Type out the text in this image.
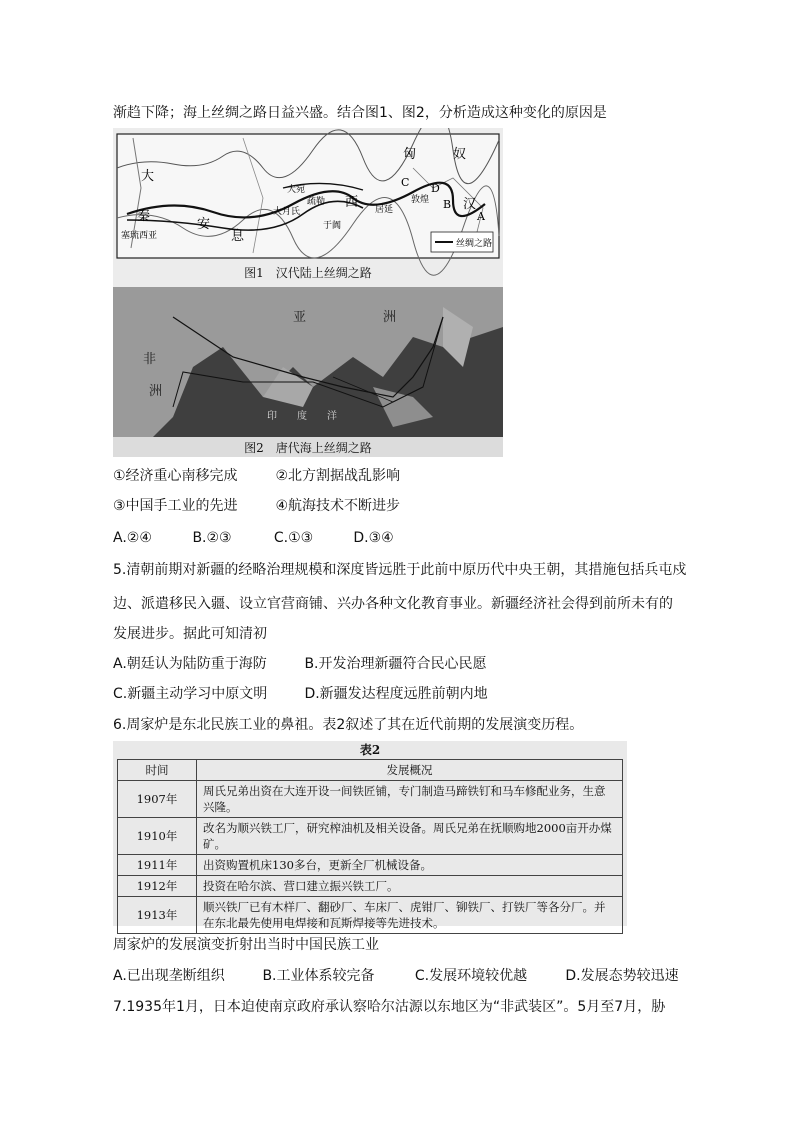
渐趋下降；海上丝绸之路日益兴盛。结合图1、图2，分析造成这种变化的原因是
匈	奴
大
秦
塞琉西亚
安
息
大宛
疏勒
大月氏
于阗
西 居延
敦煌	汉
A
B
C D
丝绸之路
图1　汉代陆上丝绸之路
亚	洲
非
洲
印 度 洋
图2　唐代海上丝绸之路
①经济重心南移完成	②北方割据战乱影响
③中国手工业的先进	④航海技术不断进步
A.②④	B.②③	C.①③	D.③④
5.清朝前期对新疆的经略治理规模和深度皆远胜于此前中原历代中央王朝，其措施包括兵屯戍
边、派遣移民入疆、设立官营商铺、兴办各种文化教育事业。新疆经济社会得到前所未有的
发展进步。据此可知清初
A.朝廷认为陆防重于海防	B.开发治理新疆符合民心民愿
C.新疆主动学习中原文明	D.新疆发达程度远胜前朝内地
6.周家炉是东北民族工业的鼻祖。表2叙述了其在近代前期的发展演变历程。
表2
时间	发展概况
1907年	周氏兄弟出资在大连开设一间铁匠铺，专门制造马蹄铁钉和马车修配业务，生意兴隆。
1910年	改名为顺兴铁工厂，研究榨油机及相关设备。周氏兄弟在抚顺购地2000亩开办煤矿。
1911年	出资购置机床130多台，更新全厂机械设备。
1912年	投资在哈尔滨、营口建立振兴铁工厂。
1913年	顺兴铁厂已有木样厂、翻砂厂、车床厂、虎钳厂、铆铁厂、打铁厂等各分厂。并在东北最先使用电焊接和瓦斯焊接等先进技术。
周家炉的发展演变折射出当时中国民族工业
A.已出现垄断组织	B.工业体系较完备	C.发展环境较优越	D.发展态势较迅速
7.1935年1月，日本迫使南京政府承认察哈尔沽源以东地区为“非武装区”。5月至7月，胁
